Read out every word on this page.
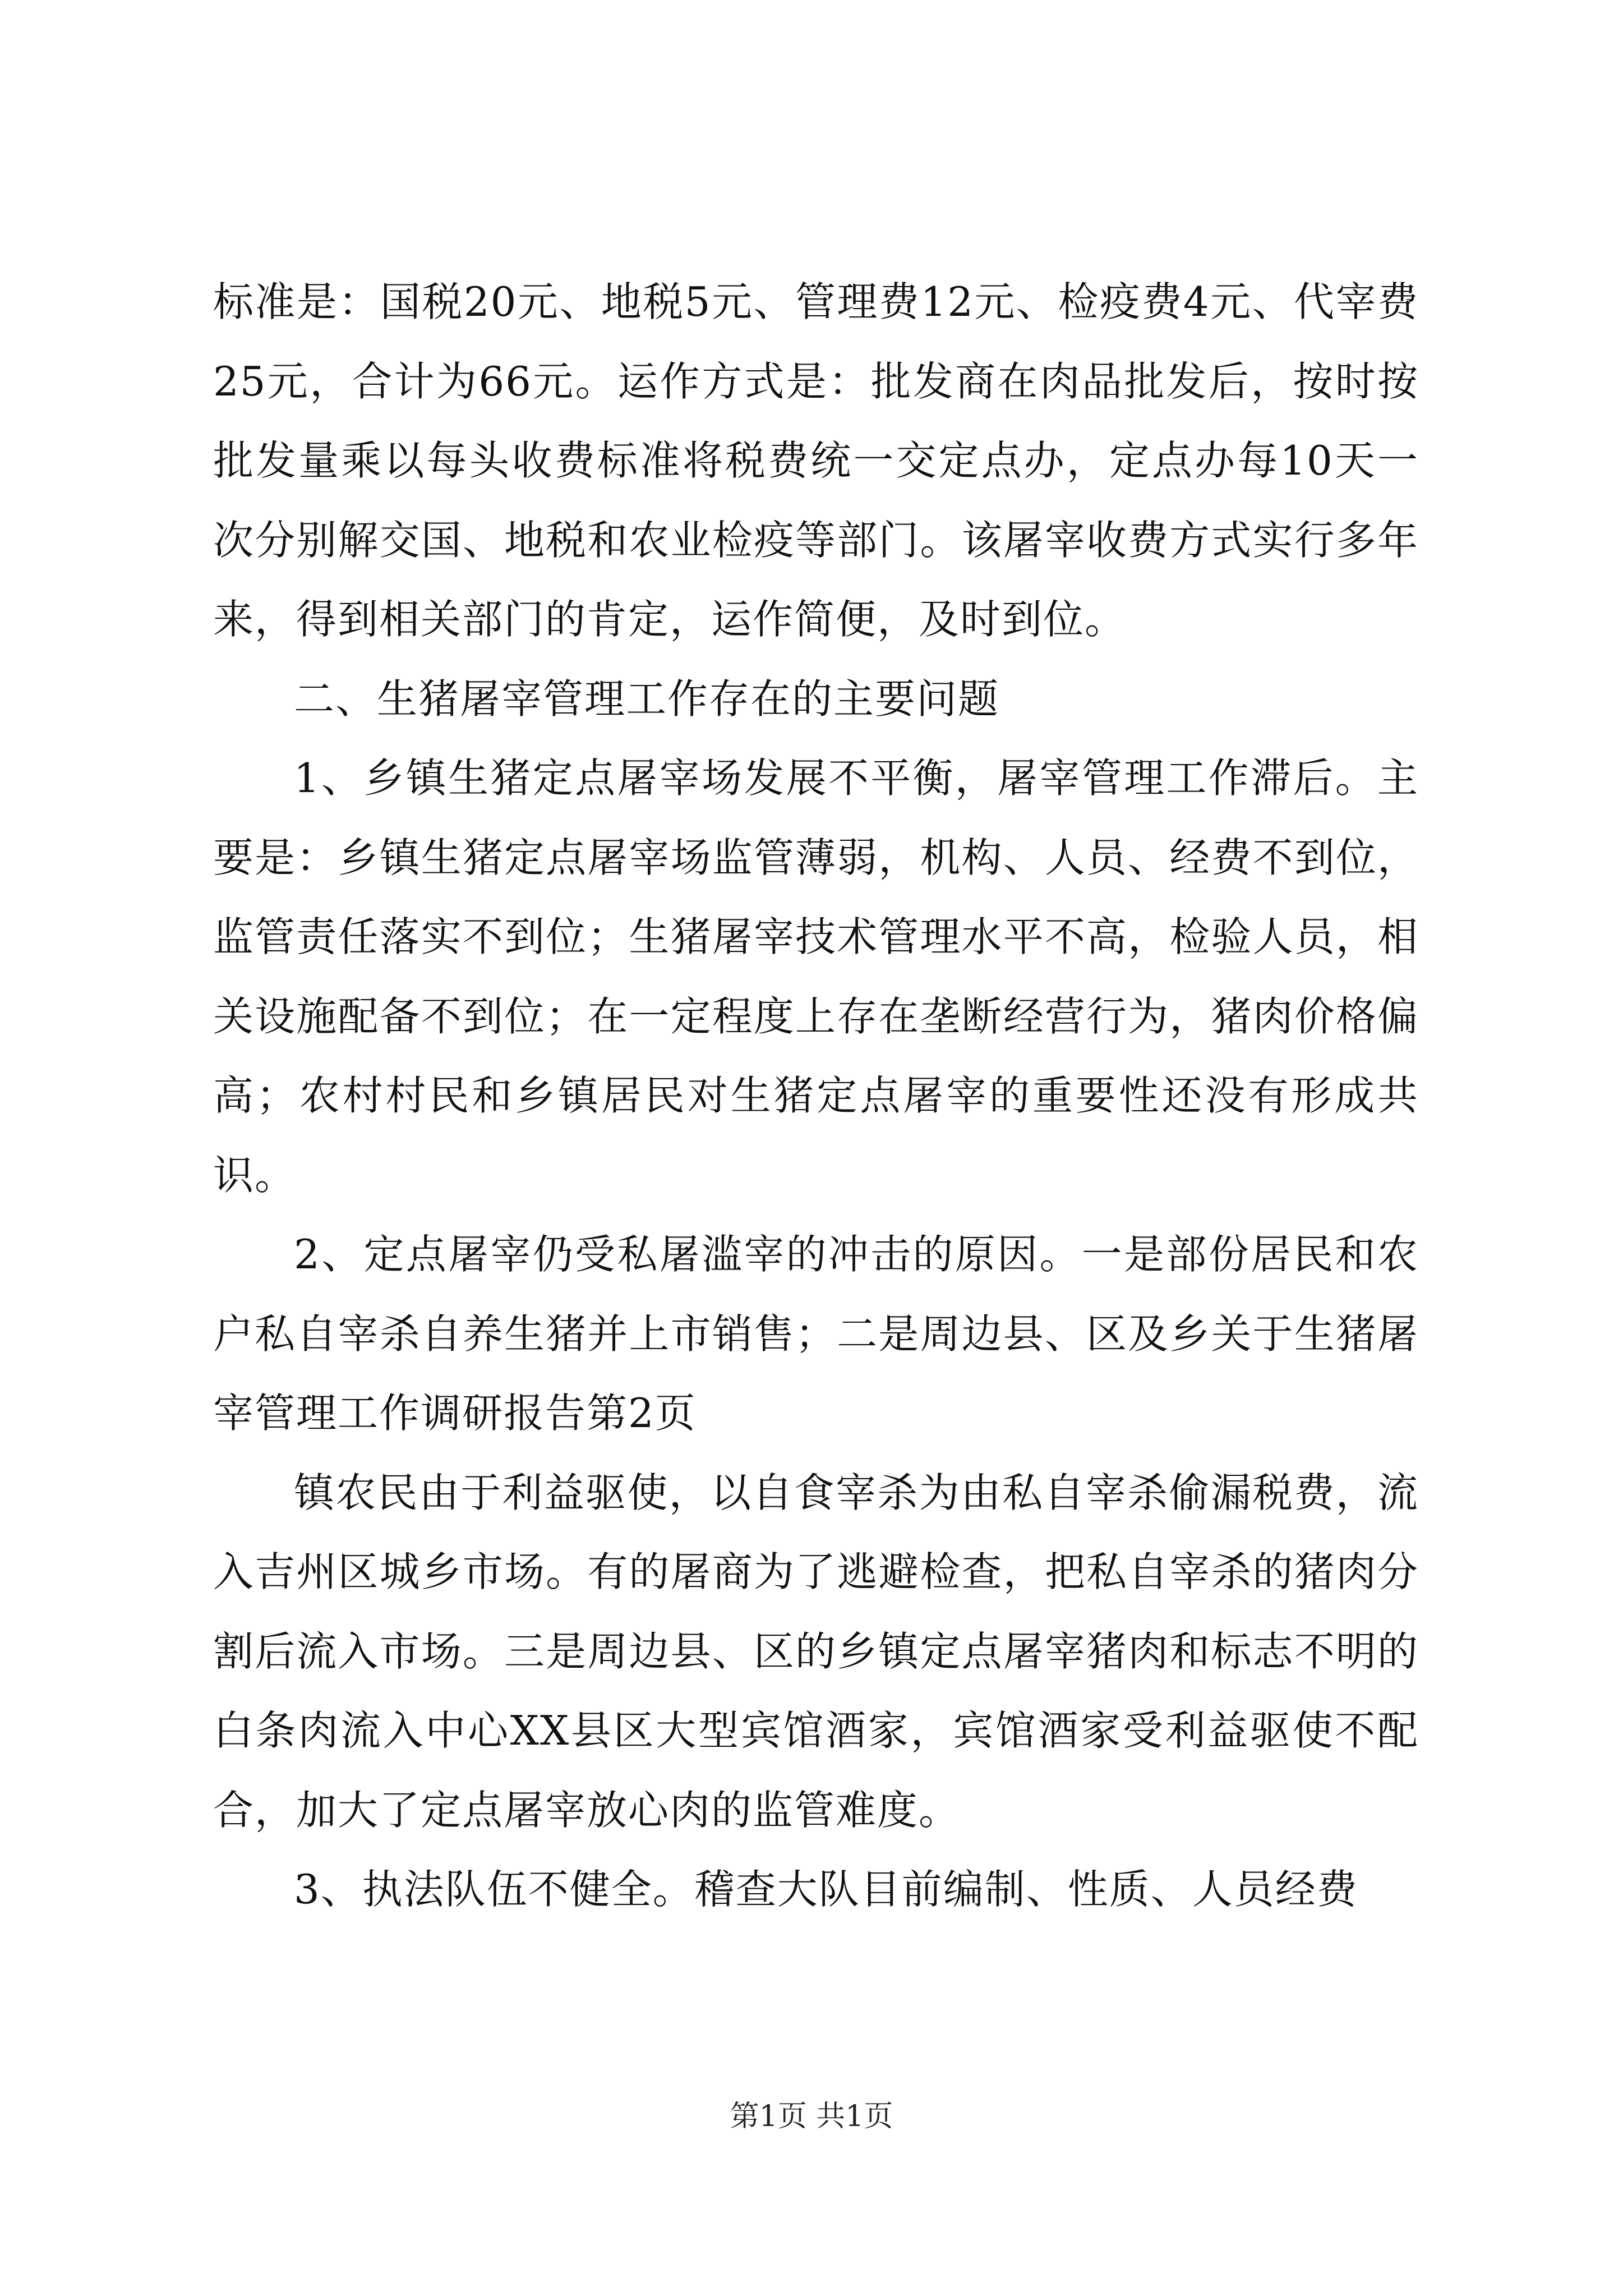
标准是：国税20元、地税5元、管理费12元、检疫费4元、代宰费25元，合计为66元。运作方式是：批发商在肉品批发后，按时按批发量乘以每头收费标准将税费统一交定点办，定点办每10天一次分别解交国、地税和农业检疫等部门。该屠宰收费方式实行多年来，得到相关部门的肯定，运作简便，及时到位。

二、生猪屠宰管理工作存在的主要问题

1、乡镇生猪定点屠宰场发展不平衡，屠宰管理工作滞后。主要是：乡镇生猪定点屠宰场监管薄弱，机构、人员、经费不到位，监管责任落实不到位；生猪屠宰技术管理水平不高，检验人员，相关设施配备不到位；在一定程度上存在垄断经营行为，猪肉价格偏高；农村村民和乡镇居民对生猪定点屠宰的重要性还没有形成共识。

2、定点屠宰仍受私屠滥宰的冲击的原因。一是部份居民和农户私自宰杀自养生猪并上市销售；二是周边县、区及乡关于生猪屠宰管理工作调研报告第2页

镇农民由于利益驱使，以自食宰杀为由私自宰杀偷漏税费，流入吉州区城乡市场。有的屠商为了逃避检查，把私自宰杀的猪肉分割后流入市场。三是周边县、区的乡镇定点屠宰猪肉和标志不明的白条肉流入中心XX县区大型宾馆酒家，宾馆酒家受利益驱使不配合，加大了定点屠宰放心肉的监管难度。

3、执法队伍不健全。稽查大队目前编制、性质、人员经费

第1页 共1页
